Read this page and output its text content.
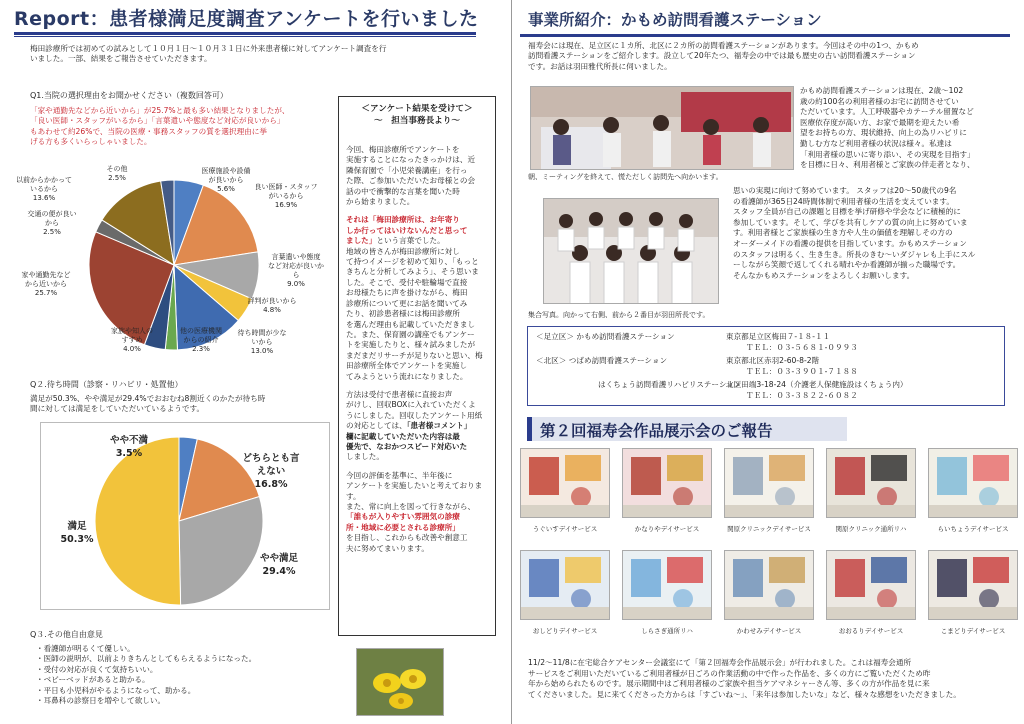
Report：患者様満足度調査アンケートを行いました
梅田診療所では初めての試みとして１０月１日～１０月３１日に外来患者様に対してアンケート調査を行
いました。一部、結果をご報告させていただきます。
Q1.当院の選択理由をお聞かせください（複数回答可）
「家や通勤先などから近いから」が25.7%と最も多い結果となりましたが、
「良い医師・スタッフがいるから」「言葉遣いや態度など対応が良いから」
もあわせて約26%で、当院の医療・事務スタッフの質を選択理由に挙
げる方も多くいらっしゃいました。
医療施設や設備が良いから 5.6%	良い医師・スタッフがいるから 16.9%
言葉遣いや態度など対応が良いから 9.0%
評判が良いから 4.8%
待ち時間が少ないから 13.0%
他の医療機関からの紹介 2.3%
家族や知人のすすめ 4.0%
家や通勤先などから近いから 25.7%
交通の便が良いから 2.5%
以前からかかっているから 13.6%
その他 2.5%
Q２.待ち時間（診察・リハビリ・処置他）
満足が50.3%、やや満足が29.4%でおおむね8割近くのかたが待ち時
間に対しては満足をしていただいているようです。
やや不満 3.5%	どちらとも言えない 16.8%
やや満足 29.4%
満足 50.3%
Q３.その他自由意見
・看護師が明るくて優しい。
・医師の説明が、以前よりきちんとしてもらえるようになった。
・受付の対応が良くて気持ちいい。
・ベビーベッドがあると助かる。
・平日も小児科がやるようになって、助かる。
・耳鼻科の診察日を増やして欲しい。
＜アンケート結果を受けて＞
～　担当事務長より～
今回、梅田診療所でアンケートを
実施することになったきっかけは、近
隣保育園で「小児栄養講座」を行っ
た際、ご参加いただいたお母様との会
話の中で衝撃的な言葉を聞いた時
から始まりました。
それは「梅田診療所は、お年寄り
しか行ってはいけないんだと思って
ました」という言葉でした。
地域の皆さんが梅田診療所に対し
て持つイメージを初めて知り、「もっと
きちんと分析してみよう」、そう思いま
した。そこで、受付や駐輪場で直接
お母様たちに声を掛けながら、梅田
診療所について更にお話を聞いてみ
たり、初診患者様には梅田診療所
を選んだ理由も記載していただきまし
た。また、保育園の講座でもアンケー
トを実施したりと、様々試みましたが
まだまだリサーチが足りないと思い、梅
田診療所全体でアンケートを実施し
てみようという流れになりました。
方法は受付で患者様に直接お声
がけし、回収BOXに入れていただくよ
うにしました。回収したアンケート用紙
の対応としては、「患者様コメント」
欄に記載していただいた内容は最
優先で、なおかつスピード対応いた
しました。
今回の評価を基準に、半年後に
アンケートを実施したいと考えております。
また、常に向上を図って行きながら、
「誰もが入りやすい雰囲気の診療
所・地域に必要とされる診療所」
を目指し、これからも改善や創意工
夫に努めてまいります。
事業所紹介：かもめ訪問看護ステーション
福寿会には現在、足立区に１カ所、北区に２カ所の訪問看護ステーションがあります。今回はその中の1つ、かもめ
訪問看護ステーションをご紹介します。設立して20年たつ、福寿会の中では最も歴史の古い訪問看護ステーション
です。お話は羽田雅代所長に伺いました。
朝、ミーティングを終えて、慌ただしく訪問先へ向かいます。
かもめ訪問看護ステーションは現在、2歳～102
歳の約100名の利用者様のお宅に訪問させてい
ただいています。人工呼吸器やカテーテル留置など
医療依存度が高い方、お家で最期を迎えたい希
望をお持ちの方、現状維持、向上の為リハビリに
勤しむ方など利用者様の状況は様々。私達は
「利用者様の思いに寄り添い、その実現を目指す」
を目標に日々、利用者様とご家族の伴走者となり、
思いの実現に向けて努めています。 スタッフは20～50歳代の9名
の看護師が365日24時間体制で利用者様の生活を支えています。
スタッフ全員が自己の課題と目標を挙げ研修や学会などに積極的に
参加しています。そして、学びを共有しケアの質の向上に努めていま
す。利用者様とご家族様の生き方や人生の価値を理解しその方の
オーダーメイドの看護の提供を目指しています。かもめステーション
のスタッフは明るく、生き生き。所長のきむ～いダジャレも上手にスル
ーしながら笑顔で返してくれる晴れやか看護師が揃った職場です。
そんなかもめステーションをよろしくお願いします。
集合写真。向かって右側、前から２番目が羽田所長です。
＜足立区＞ かもめ訪問看護ステーション	東京都足立区梅田７-１８-１１
ＴＥＬ：０３-５６８１-０９９３
＜北区＞ つばめ訪問看護ステーション	東京都北区赤羽2-60-8-2階
ＴＥＬ：０３-３９０１-７１８８
はくちょう訪問看護リハビリステーション
北区田端3-18-24（介護老人保健施設はくちょう内）
ＴＥＬ：０３-３８２２-６０８２
第２回福寿会作品展示会のご報告
うぐいすデイサービス	かなりやデイサービス	関原クリニックデイサービス	関原クリニック通所リハ	らいちょうデイサービス
おしどりデイサービス	しらさぎ通所リハ	かわせみデイサービス	おおるりデイサービス	こまどりデイサービス
11/2～11/8に在宅総合ケアセンター会議室にて「第２回福寿会作品展示会」が行われました。これは福寿会通所
サービスをご利用いただいているご利用者様が日ごろの作業活動の中で作った作品を、多くの方にご覧いただくため昨
年から始められたものです。展示期間中はご利用者様のご家族や担当ケアマネシャーさん等、多くの方が作品を見に来
てくださいました。見に来てくださった方からは「すごいね～」、「来年は参加したいな」など、様々な感想をいただきました。
